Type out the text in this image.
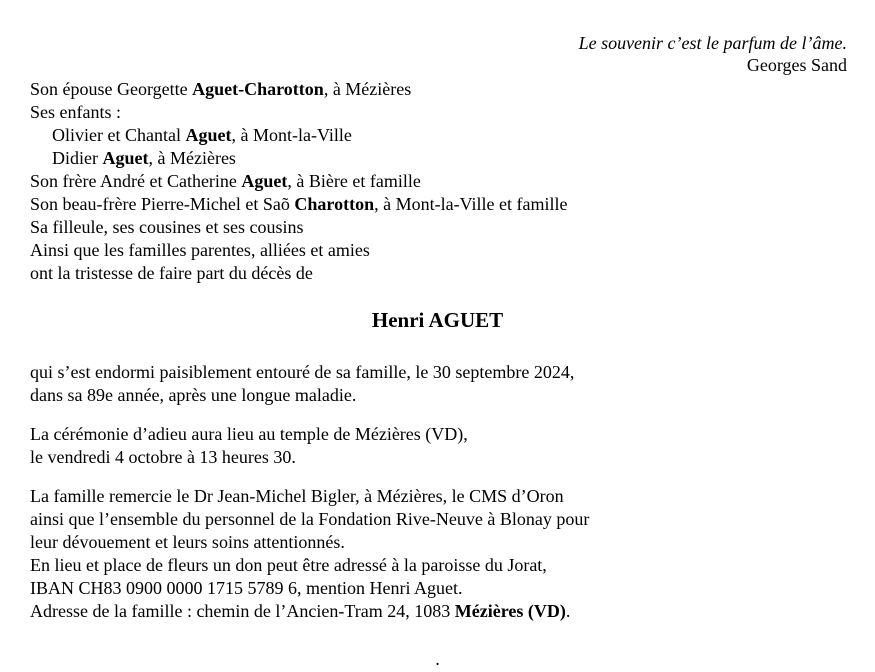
Le souvenir c’est le parfum de l’âme.
Georges Sand
Son épouse Georgette Aguet-Charotton, à Mézières
Ses enfants :
Olivier et Chantal Aguet, à Mont-la-Ville
Didier Aguet, à Mézières
Son frère André et Catherine Aguet, à Bière et famille
Son beau-frère Pierre-Michel et Saõ Charotton, à Mont-la-Ville et famille
Sa filleule, ses cousines et ses cousins
Ainsi que les familles parentes, alliées et amies
ont la tristesse de faire part du décès de
Henri AGUET
qui s’est endormi paisiblement entouré de sa famille, le 30 septembre 2024,
dans sa 89e année, après une longue maladie.
La cérémonie d’adieu aura lieu au temple de Mézières (VD),
le vendredi 4 octobre à 13 heures 30.
La famille remercie le Dr Jean-Michel Bigler, à Mézières, le CMS d’Oron
ainsi que l’ensemble du personnel de la Fondation Rive-Neuve à Blonay pour
leur dévouement et leurs soins attentionnés.
En lieu et place de fleurs un don peut être adressé à la paroisse du Jorat,
IBAN CH83 0900 0000 1715 5789 6, mention Henri Aguet.
Adresse de la famille : chemin de l’Ancien-Tram 24, 1083 Mézières (VD).
.
